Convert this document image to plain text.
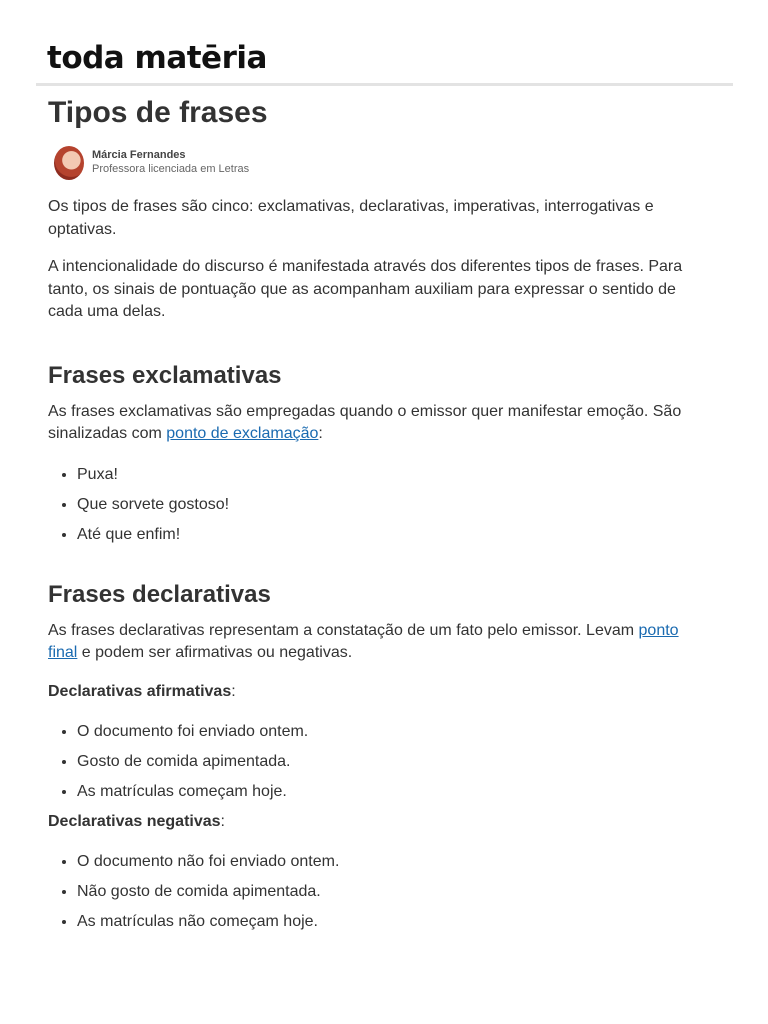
toda matēria
Tipos de frases
Márcia Fernandes
Professora licenciada em Letras

Os tipos de frases são cinco: exclamativas, declarativas, imperativas, interrogativas e optativas.

A intencionalidade do discurso é manifestada através dos diferentes tipos de frases. Para tanto, os sinais de pontuação que as acompanham auxiliam para expressar o sentido de cada uma delas.

Frases exclamativas

As frases exclamativas são empregadas quando o emissor quer manifestar emoção. São sinalizadas com ponto de exclamação:

• Puxa!
• Que sorvete gostoso!
• Até que enfim!
Frases declarativas

As frases declarativas representam a constatação de um fato pelo emissor. Levam ponto final e podem ser afirmativas ou negativas.

Declarativas afirmativas:
• O documento foi enviado ontem.
• Gosto de comida apimentada.
• As matrículas começam hoje.
Declarativas negativas:
• O documento não foi enviado ontem.
• Não gosto de comida apimentada.
• As matrículas não começam hoje.
